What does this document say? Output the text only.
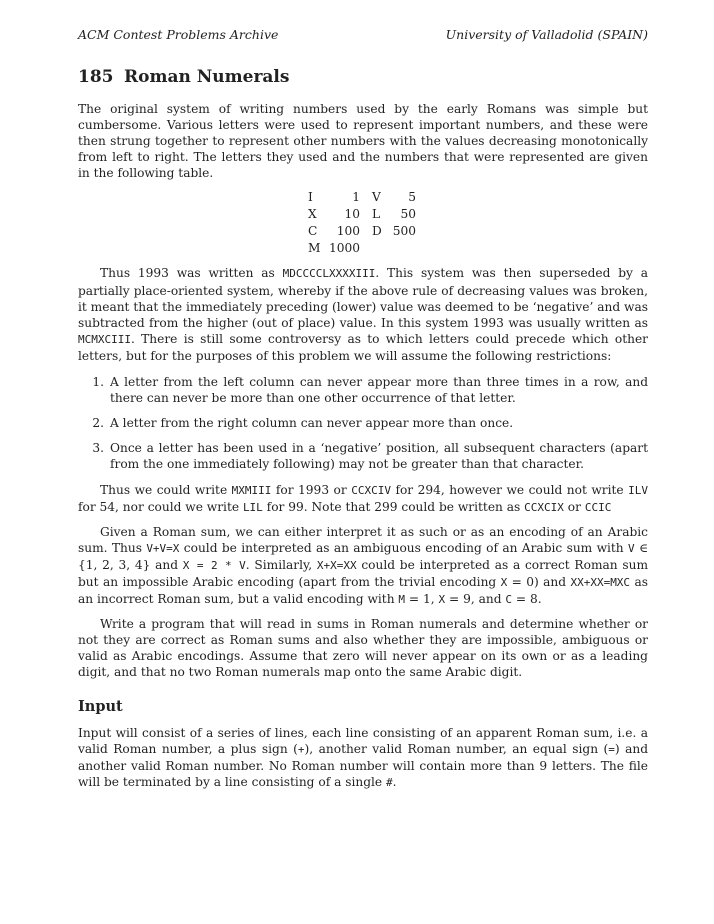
ACM Contest Problems Archive	University of Valladolid (SPAIN)
185 Roman Numerals

The original system of writing numbers used by the early Romans was simple but cumbersome. Various letters were used to represent important numbers, and these were then strung together to represent other numbers with the values decreasing monotonically from left to right. The letters they used and the numbers that were represented are given in the following table.

I	1	V	5
X	10	L	50
C	100	D	500
M	1000		

Thus 1993 was written as MDCCCCLXXXXIII. This system was then superseded by a partially place-oriented system, whereby if the above rule of decreasing values was broken, it meant that the immediately preceding (lower) value was deemed to be ‘negative’ and was subtracted from the higher (out of place) value. In this system 1993 was usually written as MCMXCIII. There is still some controversy as to which letters could precede which other letters, but for the purposes of this problem we will assume the following restrictions:

1. A letter from the left column can never appear more than three times in a row, and there can never be more than one other occurrence of that letter.
2. A letter from the right column can never appear more than once.
3. Once a letter has been used in a ‘negative’ position, all subsequent characters (apart from the one immediately following) may not be greater than that character.

Thus we could write MXMIII for 1993 or CCXCIV for 294, however we could not write ILV for 54, nor could we write LIL for 99. Note that 299 could be written as CCXCIX or CCIC

Given a Roman sum, we can either interpret it as such or as an encoding of an Arabic sum. Thus V+V=X could be interpreted as an ambiguous encoding of an Arabic sum with V ∈ {1, 2, 3, 4} and X = 2 * V. Similarly, X+X=XX could be interpreted as a correct Roman sum but an impossible Arabic encoding (apart from the trivial encoding X = 0) and XX+XX=MXC as an incorrect Roman sum, but a valid encoding with M = 1, X = 9, and C = 8.

Write a program that will read in sums in Roman numerals and determine whether or not they are correct as Roman sums and also whether they are impossible, ambiguous or valid as Arabic encodings. Assume that zero will never appear on its own or as a leading digit, and that no two Roman numerals map onto the same Arabic digit.

Input

Input will consist of a series of lines, each line consisting of an apparent Roman sum, i.e. a valid Roman number, a plus sign (+), another valid Roman number, an equal sign (=) and another valid Roman number. No Roman number will contain more than 9 letters. The file will be terminated by a line consisting of a single #.
